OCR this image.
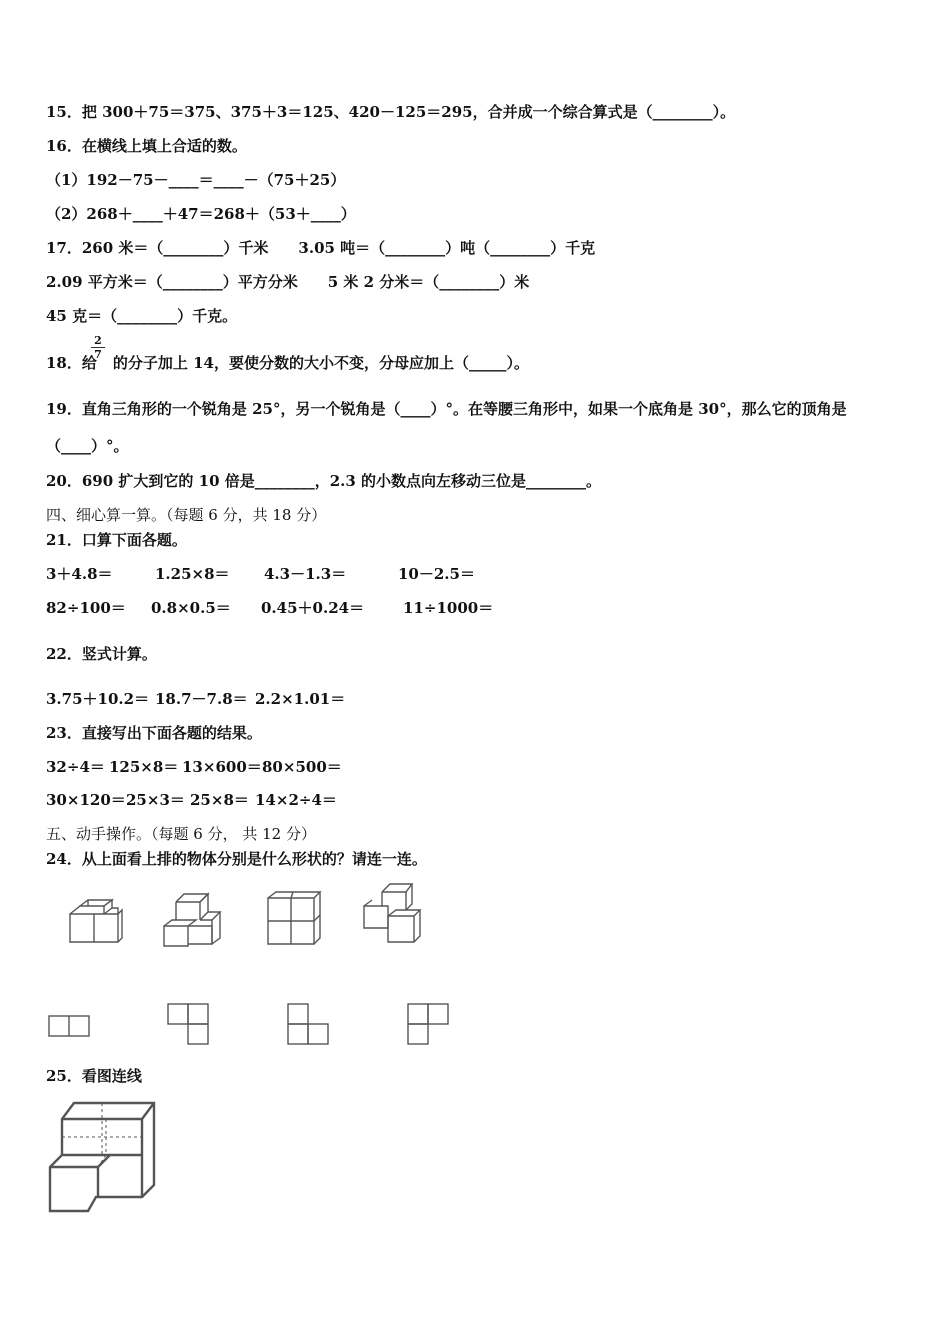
15．把 300＋75＝375、375＋3＝125、420－125＝295，合并成一个综合算式是（________）。
16．在横线上填上合适的数。
（1）192－75－____＝____－（75＋25）
（2）268＋____＋47＝268＋（53＋____）
17．260 米＝（________）千米　　3.05 吨＝（________）吨（________）千克
2.09 平方米＝（________）平方分米　　5 米 2 分米＝（________）米
45 克＝（________）千克。
18．给 的分子加上 14，要使分数的大小不变，分母应加上（_____）。
$\frac{2}{7}$
19．直角三角形的一个锐角是 25°，另一个锐角是（____）°。在等腰三角形中，如果一个底角是 30°，那么它的顶角是
（____）°。
20．690 扩大到它的 10 倍是________，2.3 的小数点向左移动三位是________。
四、细心算一算。（每题 6 分，共 18 分）
21．口算下面各题。
3＋4.8＝	1.25×8＝ 4.3－1.3＝	10－2.5＝
82÷100＝ 0.8×0.5＝ 0.45＋0.24＝	11÷1000＝
22．竖式计算。
3.75＋10.2＝ 18.7－7.8＝ 2.2×1.01＝
23．直接写出下面各题的结果。
32÷4＝ 125×8＝ 13×600＝ 80×500＝
30×120＝ 25×3＝ 25×8＝ 14×2÷4＝
五、动手操作。（每题 6 分， 共 12 分）
24．从上面看上排的物体分别是什么形状的？请连一连。
25．看图连线
